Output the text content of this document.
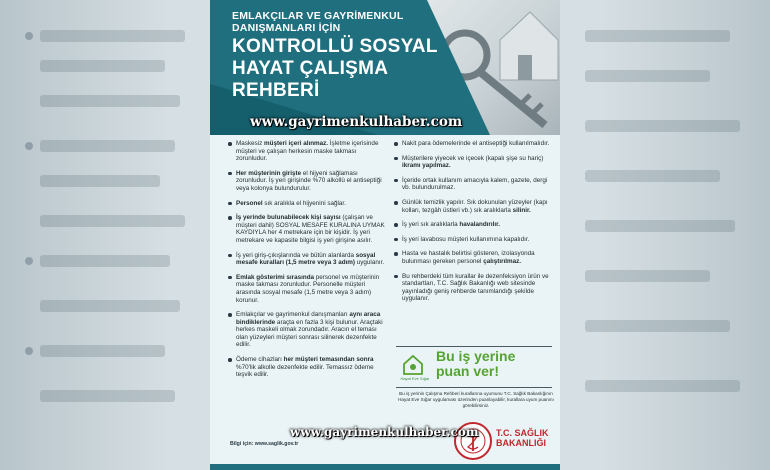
EMLAKÇILAR VE GAYRİMENKUL DANIŞMANLARI İÇİN
KONTROLLÜ SOSYAL HAYAT ÇALIŞMA REHBERİ
www.gayrimenkulhaber.com
Maskesiz müşteri içeri alınmaz. İşletme içerisinde müşteri ve çalışan herkesin maske takması zorunludur.
Her müşterinin girişte el hijyeni sağlaması zorunludur. İş yeri girişinde %70 alkollü el antiseptiği veya kolonya bulundurulur.
Personel sık aralıkla el hijyenini sağlar.
İş yerinde bulunabilecek kişi sayısı (çalışan ve müşteri dahil) SOSYAL MESAFE KURALINA UYMAK KAYDIYLA her 4 metrekare için bir kişidir. İş yeri metrekare ve kapasite bilgisi iş yeri girişine asılır.
İş yeri giriş-çıkışlarında ve bütün alanlarda sosyal mesafe kuralları (1,5 metre veya 3 adım) uygulanır.
Emlak gösterimi sırasında personel ve müşterinin maske takması zorunludur. Personelle müşteri arasında sosyal mesafe (1,5 metre veya 3 adım) korunur.
Emlakçılar ve gayrimenkul danışmanları aynı araca bindiklerinde araçta en fazla 3 kişi bulunur. Araçtaki herkes maskeli olmak zorundadır. Aracın el teması olan yüzeyleri müşteri sonrası silinerek dezenfekte edilir.
Ödeme cihazları her müşteri temasından sonra %70'lik alkolle dezenfekte edilir. Temassız ödeme teşvik edilir.
Nakit para ödemelerinde el antiseptiği kullanılmalıdır.
Müşterilere yiyecek ve içecek (kapalı şişe su hariç) ikramı yapılmaz.
İçeride ortak kullanım amacıyla kalem, gazete, dergi vb. bulundurulmaz.
Günlük temizlik yapılır. Sık dokunulan yüzeyler (kapı kolları, tezgâh üstleri vb.) sık aralıklarla silinir.
İş yeri sık aralıklarla havalandırılır.
İş yeri lavabosu müşteri kullanımına kapalıdır.
Hasta ve hastalık belirtisi gösteren, izolasyonda bulunması gereken personel çalıştırılmaz.
Bu rehberdeki tüm kurallar ile dezenfeksiyon ürün ve standartları, T.C. Sağlık Bakanlığı web sitesinde yayınladığı geniş rehberde tanımlandığı şekilde uygulanır.
Hayat Eve Sığar
Bu iş yerine puan ver!
Bu iş yerinin Çalışma Rehberi kurallarına uyumunu T.C. Sağlık Bakanlığının Hayat Eve Sığar uygulaması üzerinden puanlayabilir, kurallara uyum puanını görebilirsiniz.
Bilgi için: www.saglik.gov.tr
T.C. SAĞLIK
BAKANLIĞI
www.gayrimenkulhaber.com
